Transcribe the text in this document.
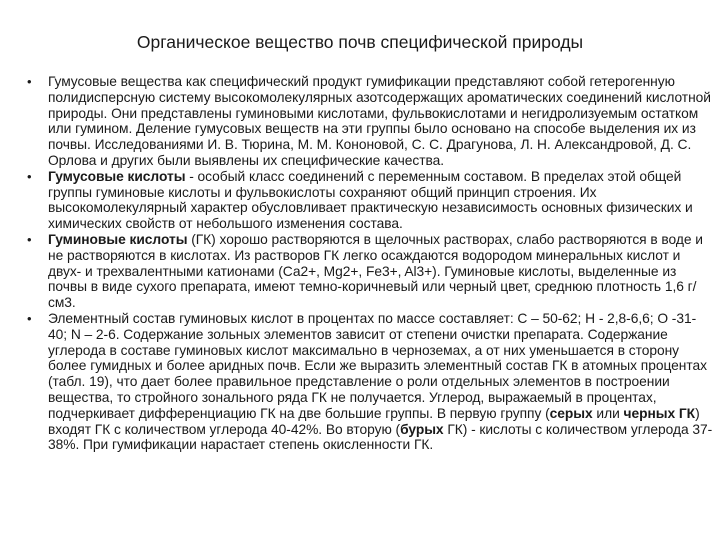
Органическое вещество почв специфической природы
• Гумусовые вещества как специфический продукт гумификации представляют собой гетерогенную полидисперсную систему высокомолекулярных азотсодержащих ароматических соединений кислотной природы. Они представлены гуминовыми кислотами, фульвокислотами и негидролизуемым остатком или гумином. Деление гумусовых веществ на эти группы было основано на способе выделения их из почвы. Исследованиями И. В. Тюрина, М. М. Кононовой, С. С. Драгунова, Л. Н. Александровой, Д. С. Орлова и других были выявлены их специфические качества.
• Гумусовые кислоты - особый класс соединений с переменным составом. В пределах этой общей группы гуминовые кислоты и фульвокислоты сохраняют общий принцип строения. Их высокомолекулярный характер обусловливает практическую независимость основных физических и химических свойств от небольшого изменения состава.
• Гуминовые кислоты (ГК) хорошо растворяются в щелочных растворах, слабо растворяются в воде и не растворяются в кислотах. Из растворов ГК легко осаждаются водородом минеральных кислот и двух- и трехвалентными катионами (Са2+, Mg2+, Fe3+, Al3+). Гуминовые кислоты, выделенные из почвы в виде сухого препарата, имеют темно-коричневый или черный цвет, среднюю плотность 1,6 г/см3.
• Элементный состав гуминовых кислот в процентах по массе составляет: С – 50-62; Н - 2,8-6,6; О -31-40; N – 2-6. Содержание зольных элементов зависит от степени очистки препарата. Содержание углерода в составе гуминовых кислот максимально в черноземах, а от них уменьшается в сторону более гумидных и более аридных почв. Если же выразить элементный состав ГК в атомных процентах (табл. 19), что дает более правильное представление о роли отдельных элементов в построении вещества, то стройного зонального ряда ГК не получается. Углерод, выражаемый в процентах, подчеркивает дифференциацию ГК на две большие группы. В первую группу (серых или черных ГК) входят ГК с количеством углерода 40-42%. Во вторую (бурых ГК) - кислоты с количеством углерода 37-38%. При гумификации нарастает степень окисленности ГК.
